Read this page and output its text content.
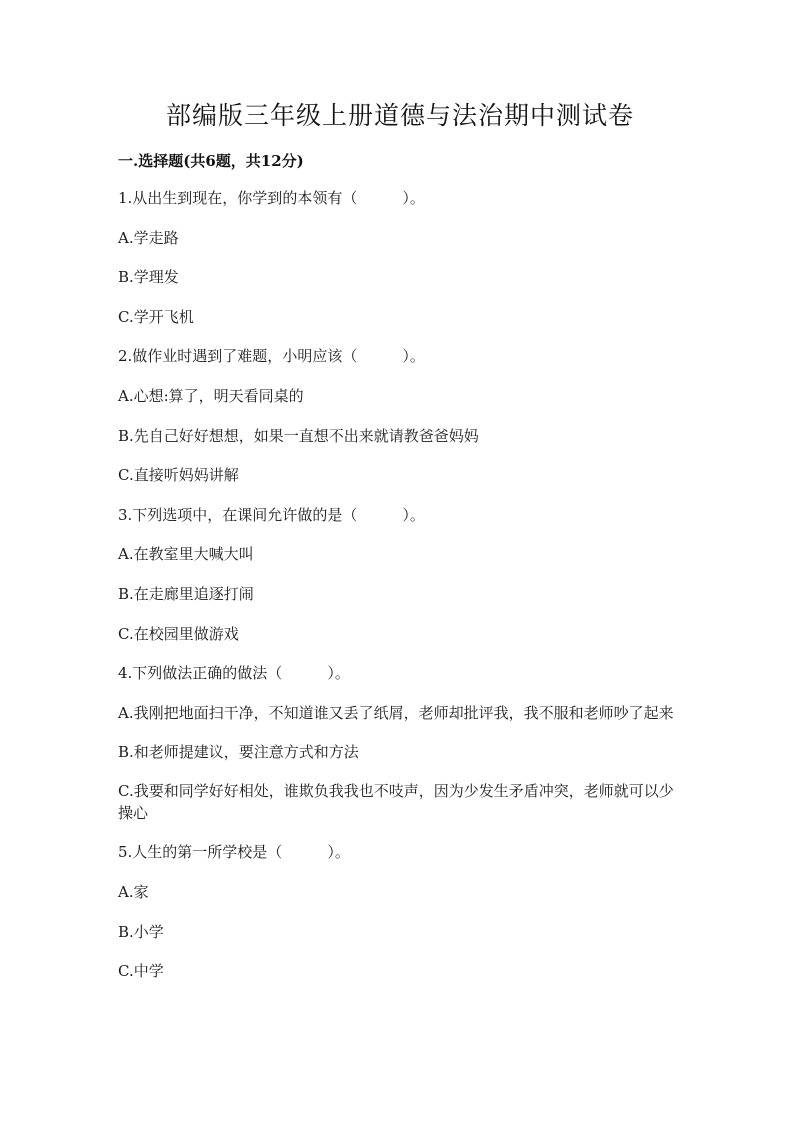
部编版三年级上册道德与法治期中测试卷
一.选择题(共6题，共12分)
1.从出生到现在，你学到的本领有（　　　）。
A.学走路
B.学理发
C.学开飞机
2.做作业时遇到了难题，小明应该（　　　）。
A.心想:算了，明天看同桌的
B.先自己好好想想，如果一直想不出来就请教爸爸妈妈
C.直接听妈妈讲解
3.下列选项中，在课间允许做的是（　　　）。
A.在教室里大喊大叫
B.在走廊里追逐打闹
C.在校园里做游戏
4.下列做法正确的做法（　　　）。
A.我刚把地面扫干净，不知道谁又丢了纸屑，老师却批评我，我不服和老师吵了起来
B.和老师提建议，要注意方式和方法
C.我要和同学好好相处，谁欺负我我也不吱声，因为少发生矛盾冲突，老师就可以少操心
5.人生的第一所学校是（　　　）。
A.家
B.小学
C.中学
